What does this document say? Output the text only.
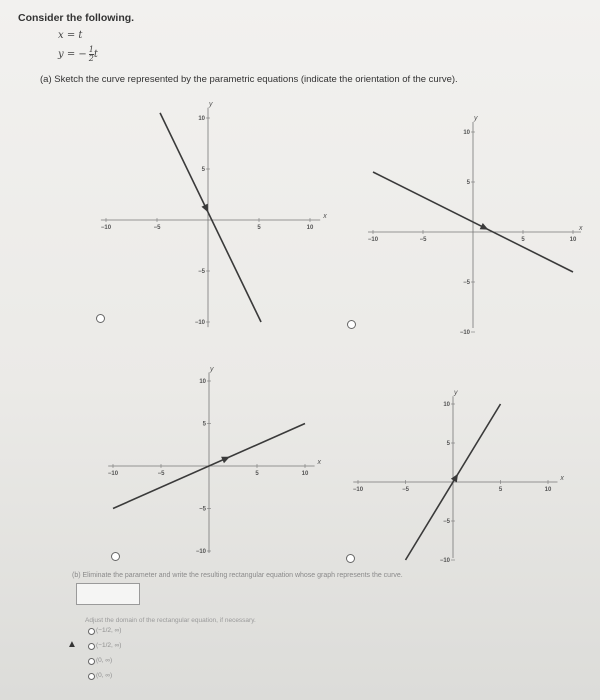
Consider the following.
x = t
y = − $\frac{1}{2}$ t
(a) Sketch the curve represented by the parametric equations (indicate the orientation of the curve).
x
y
−10	−5	5	10
10
5
−5
−10
x
y
−10	−5	5	10
10
5
−5
−10
x
y
−10	−5	5	10
10
5
−5
−10
x
y
−10	−5	5	10
10
5
−5
−10
(b) Eliminate the parameter and write the resulting rectangular equation whose graph represents the curve.
Adjust the domain of the rectangular equation, if necessary.
(−1/2, ∞)
(−1/2, ∞)
(0, ∞)
(0, ∞)
▲
